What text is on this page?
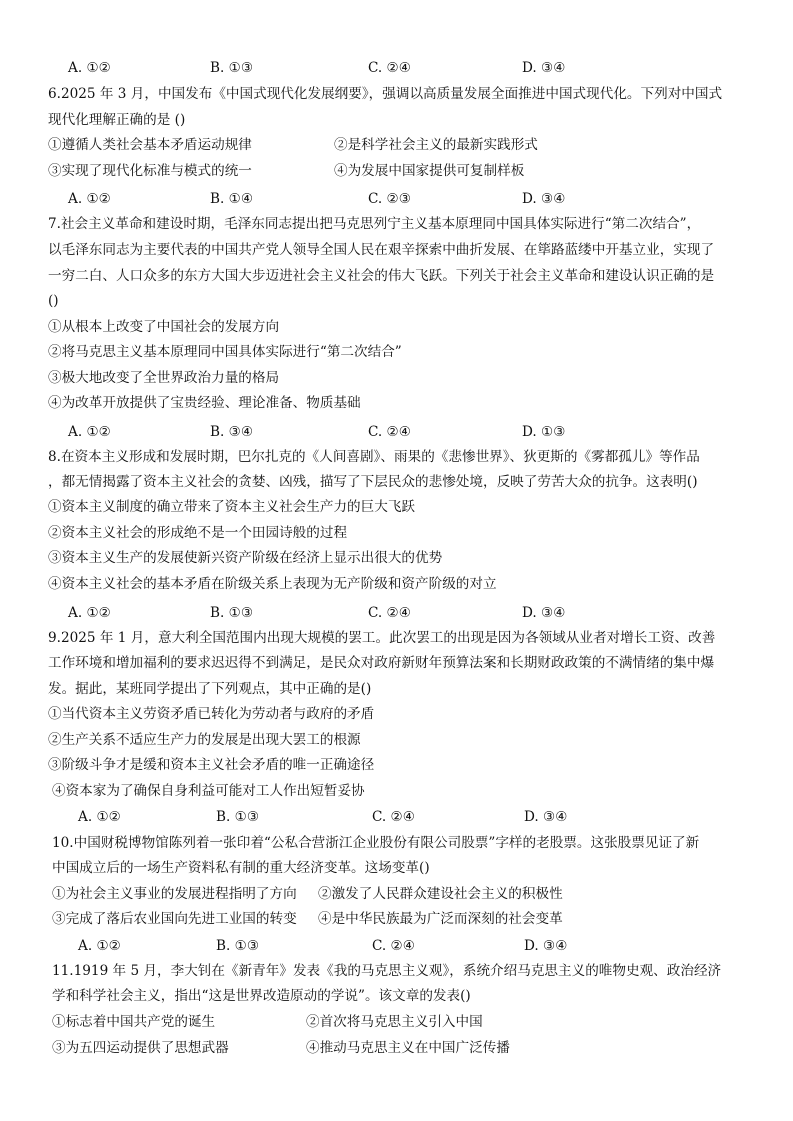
A. ①②	B. ①③	C. ②④	D. ③④
6.2025 年 3 月，中国发布《中国式现代化发展纲要》，强调以高质量发展全面推进中国式现代化。下列对中国式
现代化理解正确的是 ()
①遵循人类社会基本矛盾运动规律	②是科学社会主义的最新实践形式
③实现了现代化标准与模式的统一	④为发展中国家提供可复制样板
A. ①②	B. ①④	C. ②③	D. ③④
7.社会主义革命和建设时期，毛泽东同志提出把马克思列宁主义基本原理同中国具体实际进行“第二次结合”，
以毛泽东同志为主要代表的中国共产党人领导全国人民在艰辛探索中曲折发展、在筚路蓝缕中开基立业，实现了
一穷二白、人口众多的东方大国大步迈进社会主义社会的伟大飞跃。下列关于社会主义革命和建设认识正确的是
()
①从根本上改变了中国社会的发展方向
②将马克思主义基本原理同中国具体实际进行“第二次结合”
③极大地改变了全世界政治力量的格局
④为改革开放提供了宝贵经验、理论准备、物质基础
A. ①②	B. ③④	C. ②④	D. ①③
8.在资本主义形成和发展时期，巴尔扎克的《人间喜剧》、雨果的《悲惨世界》、狄更斯的《雾都孤儿》等作品
，都无情揭露了资本主义社会的贪婪、凶残，描写了下层民众的悲惨处境，反映了劳苦大众的抗争。这表明()
①资本主义制度的确立带来了资本主义社会生产力的巨大飞跃
②资本主义社会的形成绝不是一个田园诗般的过程
③资本主义生产的发展使新兴资产阶级在经济上显示出很大的优势
④资本主义社会的基本矛盾在阶级关系上表现为无产阶级和资产阶级的对立
A. ①②	B. ①③	C. ②④	D. ③④
9.2025 年 1 月，意大利全国范围内出现大规模的罢工。此次罢工的出现是因为各领域从业者对增长工资、改善
工作环境和增加福利的要求迟迟得不到满足，是民众对政府新财年预算法案和长期财政政策的不满情绪的集中爆
发。据此，某班同学提出了下列观点，其中正确的是()
①当代资本主义劳资矛盾已转化为劳动者与政府的矛盾
②生产关系不适应生产力的发展是出现大罢工的根源
③阶级斗争才是缓和资本主义社会矛盾的唯一正确途径
④资本家为了确保自身利益可能对工人作出短暂妥协
A. ①②	B. ①③	C. ②④	D. ③④
10.中国财税博物馆陈列着一张印着“公私合营浙江企业股份有限公司股票”字样的老股票。这张股票见证了新
中国成立后的一场生产资料私有制的重大经济变革。这场变革()
①为社会主义事业的发展进程指明了方向 ②激发了人民群众建设社会主义的积极性
③完成了落后农业国向先进工业国的转变 ④是中华民族最为广泛而深刻的社会变革
A. ①②	B. ①③	C. ②④	D. ③④
11.1919 年 5 月，李大钊在《新青年》发表《我的马克思主义观》，系统介绍马克思主义的唯物史观、政治经济
学和科学社会主义，指出“这是世界改造原动的学说”。该文章的发表()
①标志着中国共产党的诞生	②首次将马克思主义引入中国
③为五四运动提供了思想武器	④推动马克思主义在中国广泛传播
